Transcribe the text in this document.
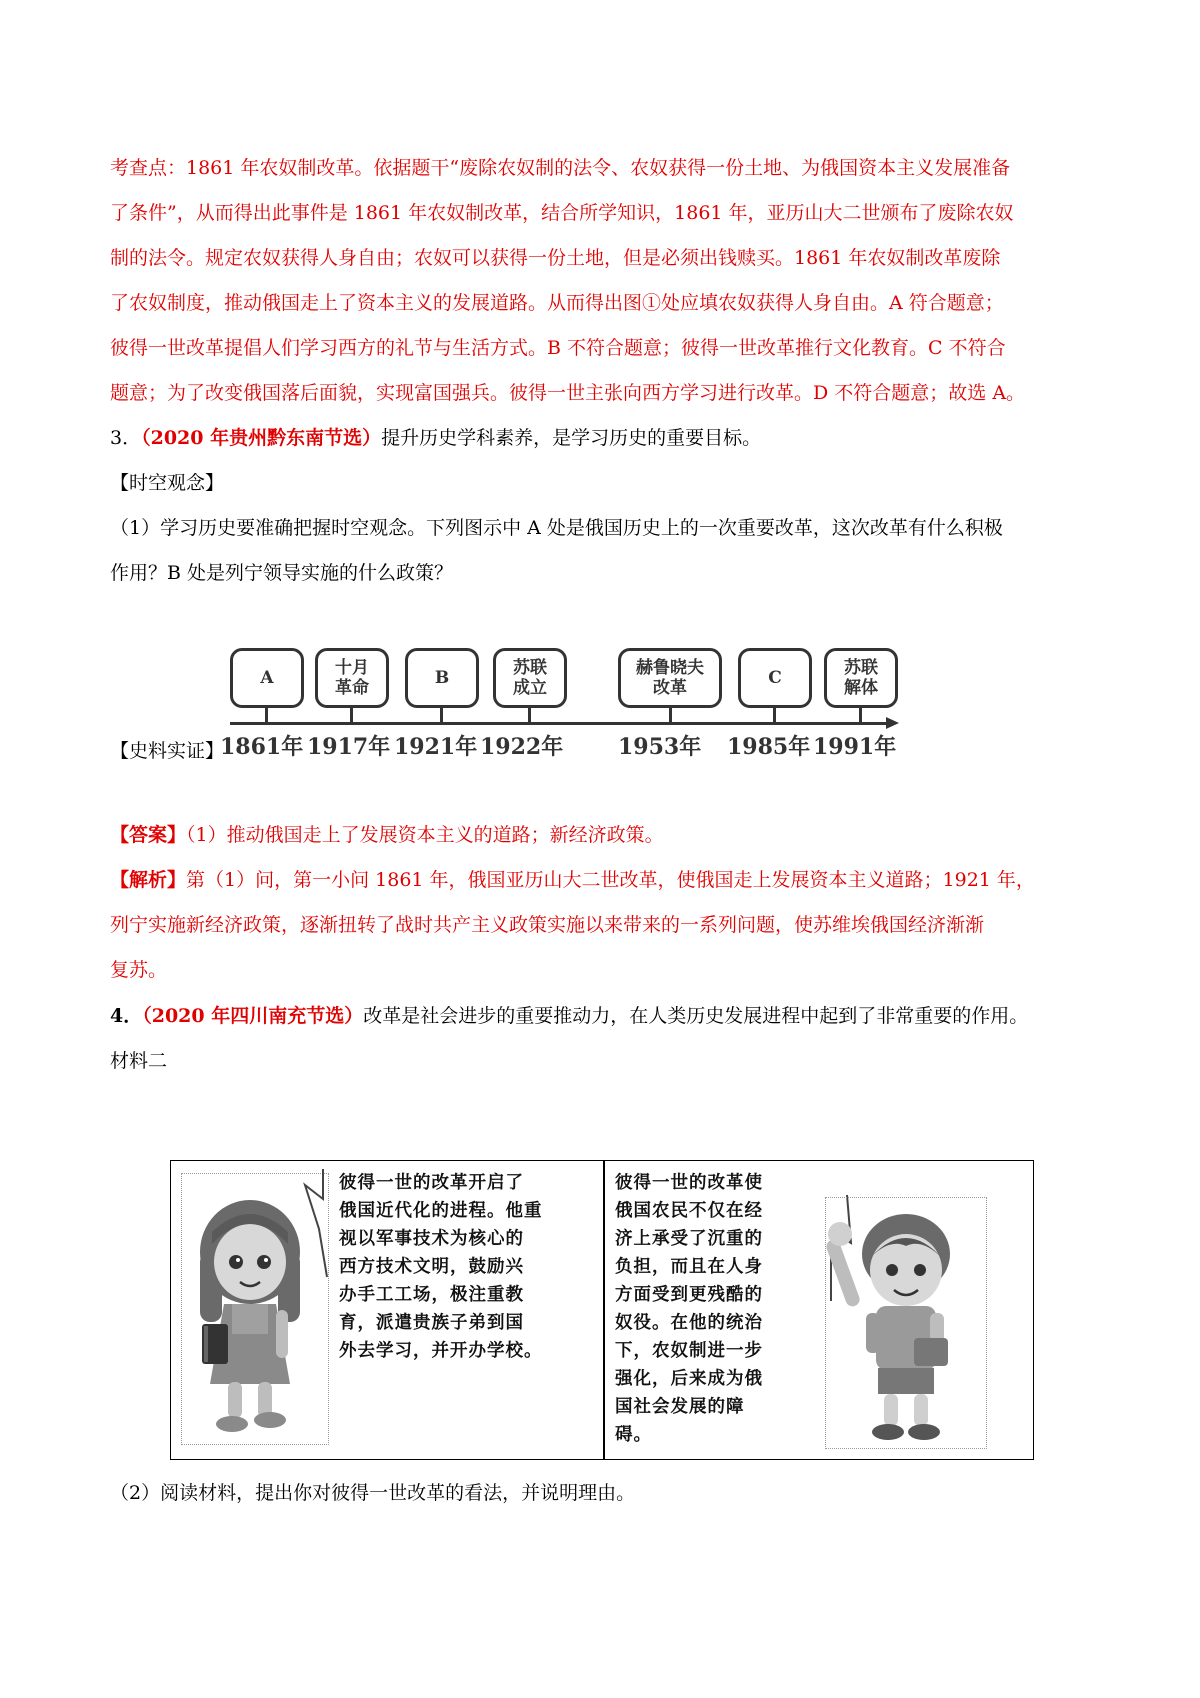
考查点：1861 年农奴制改革。依据题干“废除农奴制的法令、农奴获得一份土地、为俄国资本主义发展准备
了条件”，从而得出此事件是 1861 年农奴制改革，结合所学知识，1861 年，亚历山大二世颁布了废除农奴
制的法令。规定农奴获得人身自由；农奴可以获得一份土地，但是必须出钱赎买。1861 年农奴制改革废除
了农奴制度，推动俄国走上了资本主义的发展道路。从而得出图①处应填农奴获得人身自由。A 符合题意；
彼得一世改革提倡人们学习西方的礼节与生活方式。B 不符合题意；彼得一世改革推行文化教育。C 不符合
题意；为了改变俄国落后面貌，实现富国强兵。彼得一世主张向西方学习进行改革。D 不符合题意；故选 A。
3．（2020 年贵州黔东南节选）提升历史学科素养，是学习历史的重要目标。
【时空观念】
（1）学习历史要准确把握时空观念。下列图示中 A 处是俄国历史上的一次重要改革，这次改革有什么积极
作用？B 处是列宁领导实施的什么政策？
【史料实证】
【答案】（1）推动俄国走上了发展资本主义的道路；新经济政策。
【解析】第（1）问，第一小问 1861 年，俄国亚历山大二世改革，使俄国走上发展资本主义道路；1921 年，
列宁实施新经济政策，逐渐扭转了战时共产主义政策实施以来带来的一系列问题，使苏维埃俄国经济渐渐
复苏。
4．（2020 年四川南充节选）改革是社会进步的重要推动力，在人类历史发展进程中起到了非常重要的作用。
材料二
（2）阅读材料，提出你对彼得一世改革的看法，并说明理由。
A
1861年
十月
革命
1917年
B
1921年
苏联
成立
1922年
赫鲁晓夫
改革
1953年
C
1985年
苏联
解体
1991年
彼得一世的改革开启了
俄国近代化的进程。他重
视以军事技术为核心的
西方技术文明，鼓励兴
办手工工场，极注重教
育，派遣贵族子弟到国
外去学习，并开办学校。
彼得一世的改革使
俄国农民不仅在经
济上承受了沉重的
负担，而且在人身
方面受到更残酷的
奴役。在他的统治
下，农奴制进一步
强化，后来成为俄
国社会发展的障
碍。
